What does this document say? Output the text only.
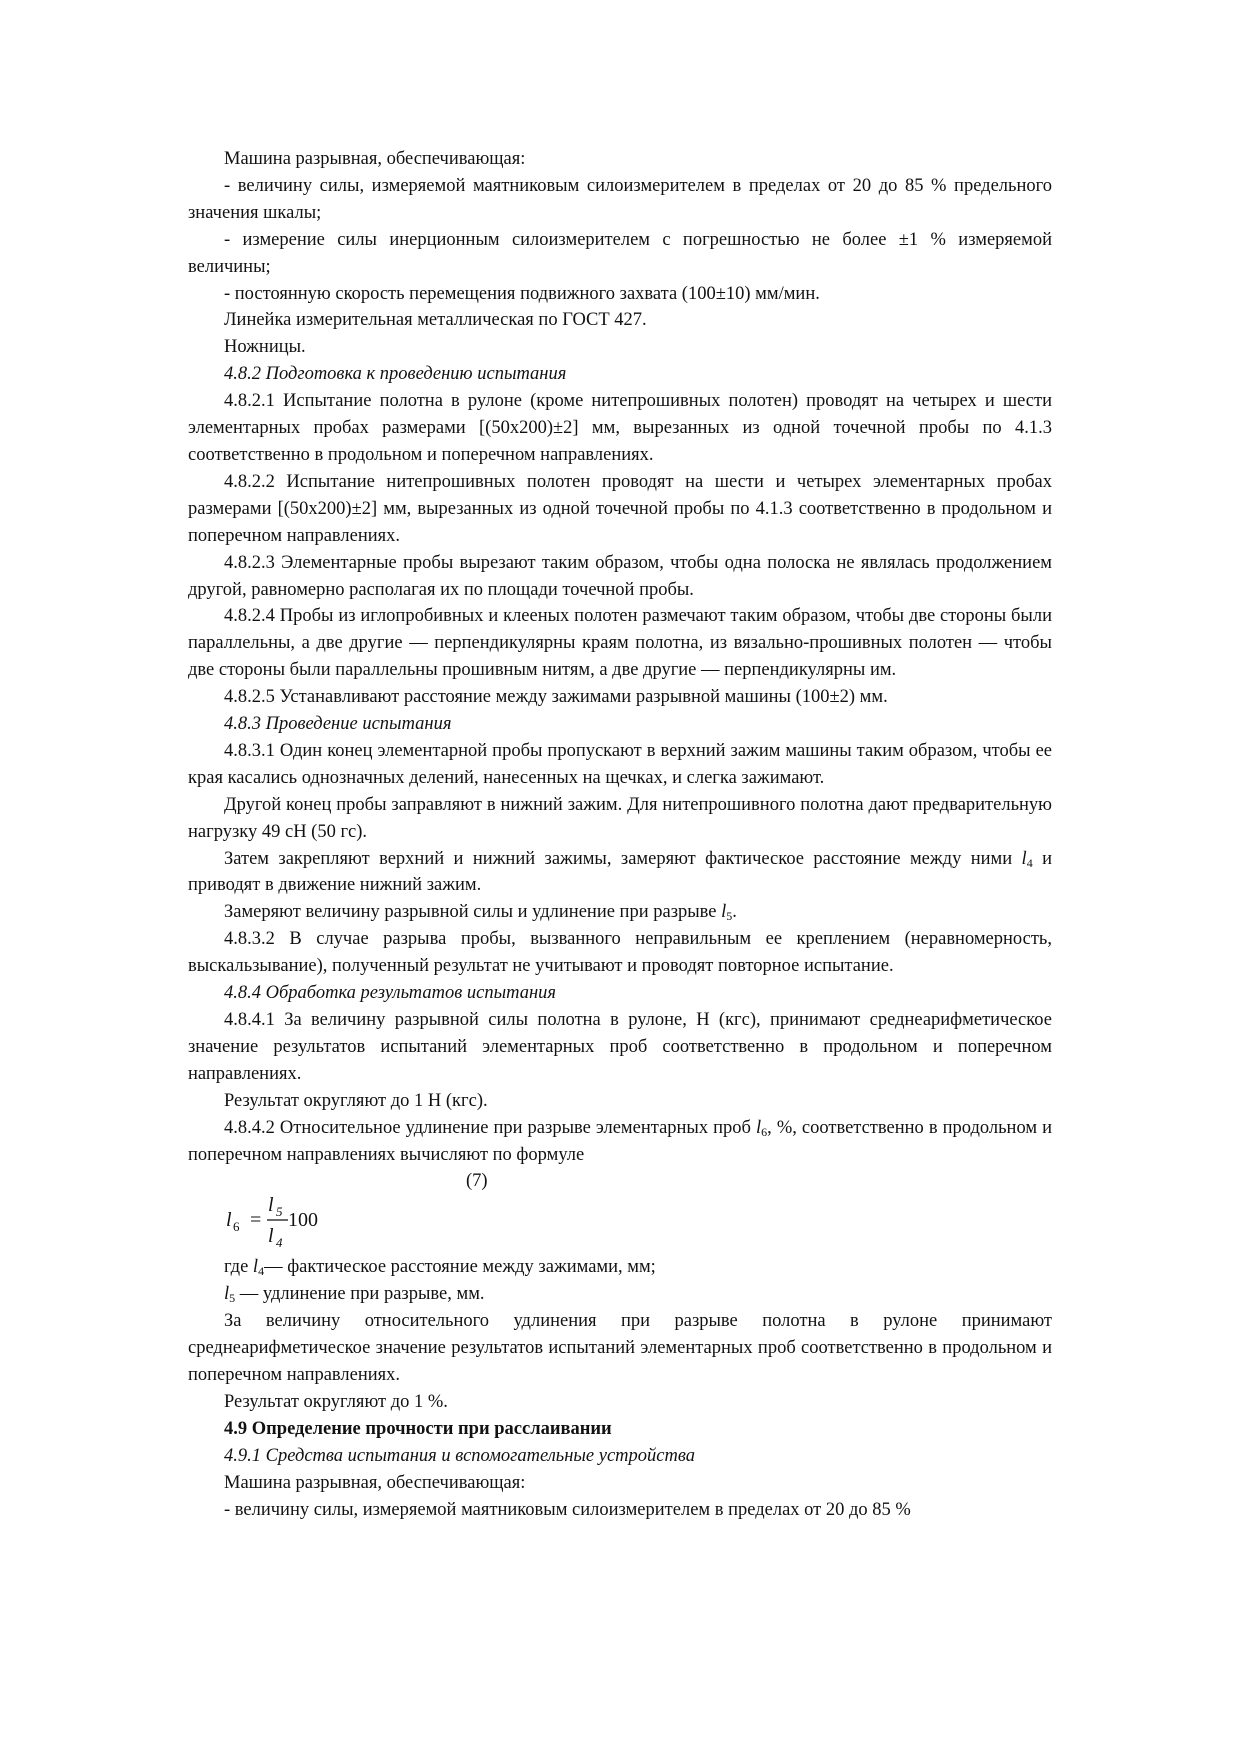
Машина разрывная, обеспечивающая:

- величину силы, измеряемой маятниковым силоизмерителем в пределах от 20 до 85 % предельного значения шкалы;

- измерение силы инерционным силоизмерителем с погрешностью не более ±1 % измеряемой величины;

- постоянную скорость перемещения подвижного захвата (100±10) мм/мин.

Линейка измерительная металлическая по ГОСТ 427.

Ножницы.

4.8.2 Подготовка к проведению испытания

4.8.2.1 Испытание полотна в рулоне (кроме нитепрошивных полотен) проводят на четырех и шести элементарных пробах размерами [(50x200)±2] мм, вырезанных из одной точечной пробы по 4.1.3 соответственно в продольном и поперечном направлениях.

4.8.2.2 Испытание нитепрошивных полотен проводят на шести и четырех элементарных пробах размерами [(50x200)±2] мм, вырезанных из одной точечной пробы по 4.1.3 соответственно в продольном и поперечном направлениях.

4.8.2.3 Элементарные пробы вырезают таким образом, чтобы одна полоска не являлась продолжением другой, равномерно располагая их по площади точечной пробы.

4.8.2.4 Пробы из иглопробивных и клееных полотен размечают таким образом, чтобы две стороны были параллельны, а две другие — перпендикулярны краям полотна, из вязально-прошивных полотен — чтобы две стороны были параллельны прошивным нитям, а две другие — перпендикулярны им.

4.8.2.5 Устанавливают расстояние между зажимами разрывной машины (100±2) мм.

4.8.3 Проведение испытания

4.8.3.1 Один конец элементарной пробы пропускают в верхний зажим машины таким образом, чтобы ее края касались однозначных делений, нанесенных на щечках, и слегка зажимают.

Другой конец пробы заправляют в нижний зажим. Для нитепрошивного полотна дают предварительную нагрузку 49 сН (50 гс).

Затем закрепляют верхний и нижний зажимы, замеряют фактическое расстояние между ними $l_4$ и приводят в движение нижний зажим.

Замеряют величину разрывной силы и удлинение при разрыве $l_5$.

4.8.3.2 В случае разрыва пробы, вызванного неправильным ее креплением (неравномерность, выскальзывание), полученный результат не учитывают и проводят повторное испытание.

4.8.4 Обработка результатов испытания

4.8.4.1 За величину разрывной силы полотна в рулоне, Н (кгс), принимают среднеарифметическое значение результатов испытаний элементарных проб соответственно в продольном и поперечном направлениях.

Результат округляют до 1 Н (кгс).

4.8.4.2 Относительное удлинение при разрыве элементарных проб $l_6$, %, соответственно в продольном и поперечном направлениях вычисляют по формуле

(7)
l 6 =
l 5
l 4
100

где $l_4—$ фактическое расстояние между зажимами, мм;

$l_5$ — удлинение при разрыве, мм.

За величину относительного удлинения при разрыве полотна в рулоне принимают среднеарифметическое значение результатов испытаний элементарных проб соответственно в продольном и поперечном направлениях.

Результат округляют до 1 %.

4.9 Определение прочности при расслаивании

4.9.1 Средства испытания и вспомогательные устройства

Машина разрывная, обеспечивающая:

- величину силы, измеряемой маятниковым силоизмерителем в пределах от 20 до 85 %
